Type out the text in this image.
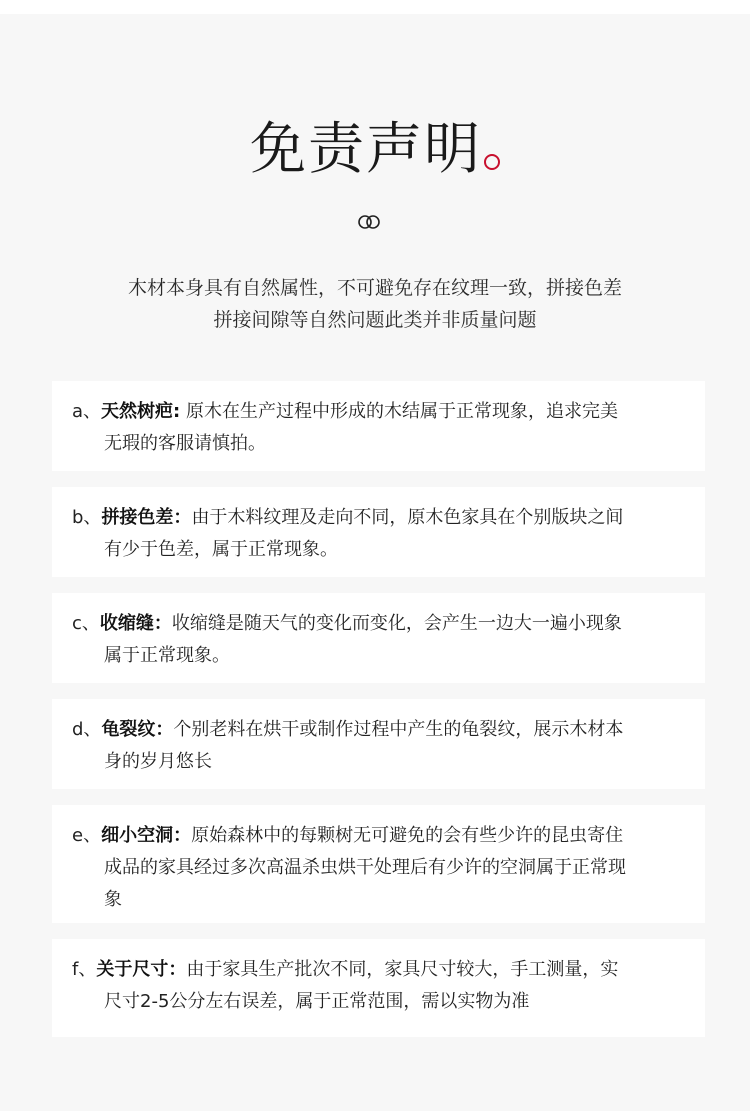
免责声明
木材本身具有自然属性，不可避免存在纹理一致，拼接色差
拼接间隙等自然问题此类并非质量问题
a、天然树疤: 原木在生产过程中形成的木结属于正常现象，追求完美
无瑕的客服请慎拍。
b、拼接色差：由于木料纹理及走向不同，原木色家具在个别版块之间
有少于色差，属于正常现象。
c、收缩缝：收缩缝是随天气的变化而变化，会产生一边大一遍小现象
属于正常现象。
d、龟裂纹：个别老料在烘干或制作过程中产生的龟裂纹，展示木材本
身的岁月悠长
e、细小空洞：原始森林中的每颗树无可避免的会有些少许的昆虫寄住
成品的家具经过多次高温杀虫烘干处理后有少许的空洞属于正常现
象
f、关于尺寸：由于家具生产批次不同，家具尺寸较大，手工测量，实
尺寸2-5公分左右误差，属于正常范围，需以实物为准
